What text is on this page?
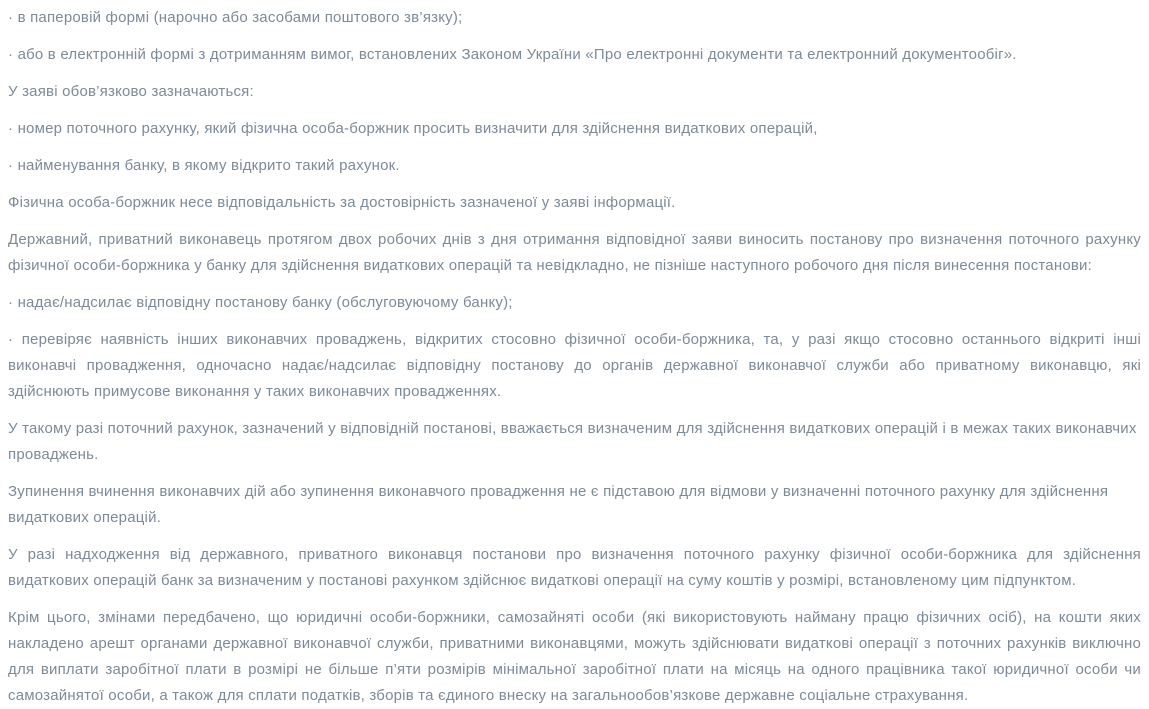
· в паперовій формі (нарочно або засобами поштового зв’язку);

· або в електронній формі з дотриманням вимог, встановлених Законом України «Про електронні документи та електронний документообіг».

У заяві обов’язково зазначаються:

· номер поточного рахунку, який фізична особа-боржник просить визначити для здійснення видаткових операцій,

· найменування банку, в якому відкрито такий рахунок.

Фізична особа-боржник несе відповідальність за достовірність зазначеної у заяві інформації.

Державний, приватний виконавець протягом двох робочих днів з дня отримання відповідної заяви виносить постанову про визначення поточного рахунку фізичної особи-боржника у банку для здійснення видаткових операцій та невідкладно, не пізніше наступного робочого дня після винесення постанови:

· надає/надсилає відповідну постанову банку (обслуговуючому банку);

· перевіряє наявність інших виконавчих проваджень, відкритих стосовно фізичної особи-боржника, та, у разі якщо стосовно останнього відкриті інші виконавчі провадження, одночасно надає/надсилає відповідну постанову до органів державної виконавчої служби або приватному виконавцю, які здійснюють примусове виконання у таких виконавчих провадженнях.

У такому разі поточний рахунок, зазначений у відповідній постанові, вважається визначеним для здійснення видаткових операцій і в межах таких виконавчих проваджень.

Зупинення вчинення виконавчих дій або зупинення виконавчого провадження не є підставою для відмови у визначенні поточного рахунку для здійснення видаткових операцій.

У разі надходження від державного, приватного виконавця постанови про визначення поточного рахунку фізичної особи-боржника для здійснення видаткових операцій банк за визначеним у постанові рахунком здійснює видаткові операції на суму коштів у розмірі, встановленому цим підпунктом.

Крім цього, змінами передбачено, що юридичні особи-боржники, самозайняті особи (які використовують найману працю фізичних осіб), на кошти яких накладено арешт органами державної виконавчої служби, приватними виконавцями, можуть здійснювати видаткові операції з поточних рахунків виключно для виплати заробітної плати в розмірі не більше п’яти розмірів мінімальної заробітної плати на місяць на одного працівника такої юридичної особи чи самозайнятої особи, а також для сплати податків, зборів та єдиного внеску на загальнообов’язкове державне соціальне страхування.
